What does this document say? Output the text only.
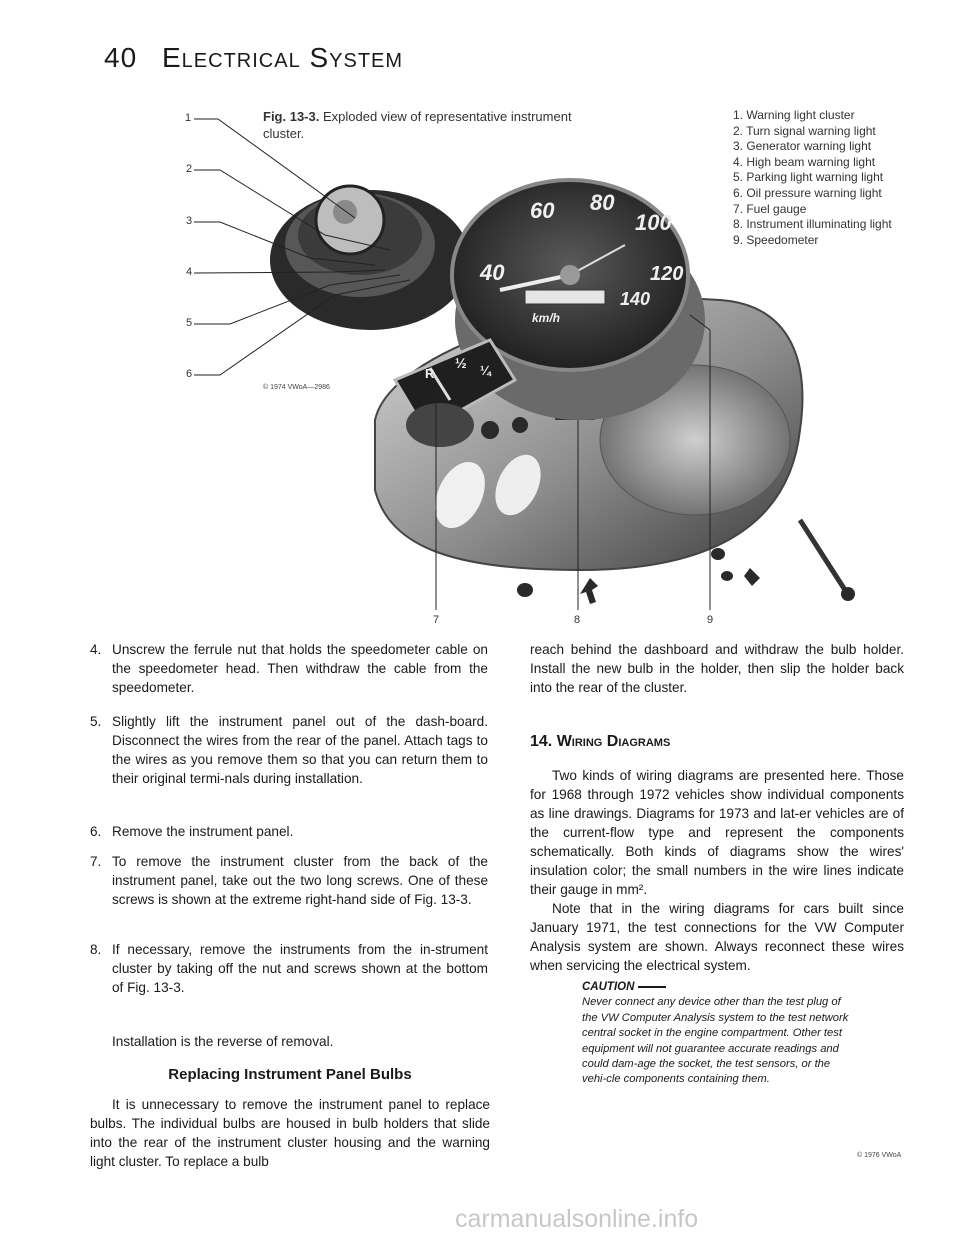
40 Electrical System
40
60 80
100
120
140
km/h
R
½ ¼
1
2
3
4
5
6
7	8	9
Fig. 13-3. Exploded view of representative instrument cluster.
© 1974 VWoA—2986
1. Warning light cluster
2. Turn signal warning light
3. Generator warning light
4. High beam warning light
5. Parking light warning light
6. Oil pressure warning light
7. Fuel gauge
8. Instrument illuminating light
9. Speedometer
4. Unscrew the ferrule nut that holds the speedometer cable on the speedometer head. Then withdraw the cable from the speedometer.
5. Slightly lift the instrument panel out of the dash-board. Disconnect the wires from the rear of the panel. Attach tags to the wires as you remove them so that you can return them to their original termi-nals during installation.
6. Remove the instrument panel.
7. To remove the instrument cluster from the back of the instrument panel, take out the two long screws. One of these screws is shown at the extreme right-hand side of Fig. 13-3.
8. If necessary, remove the instruments from the in-strument cluster by taking off the nut and screws shown at the bottom of Fig. 13-3.
Installation is the reverse of removal.
Replacing Instrument Panel Bulbs
It is unnecessary to remove the instrument panel to replace bulbs. The individual bulbs are housed in bulb holders that slide into the rear of the instrument cluster housing and the warning light cluster. To replace a bulb
reach behind the dashboard and withdraw the bulb holder. Install the new bulb in the holder, then slip the holder back into the rear of the cluster.
14. Wiring Diagrams
Two kinds of wiring diagrams are presented here. Those for 1968 through 1972 vehicles show individual components as line drawings. Diagrams for 1973 and lat-er vehicles are of the current-flow type and represent the components schematically. Both kinds of diagrams show the wires' insulation color; the small numbers in the wire lines indicate their gauge in mm².
Note that in the wiring diagrams for cars built since January 1971, the test connections for the VW Computer Analysis system are shown. Always reconnect these wires when servicing the electrical system.
CAUTION
Never connect any device other than the test plug of the VW Computer Analysis system to the test network central socket in the engine compartment. Other test equipment will not guarantee accurate readings and could dam-age the socket, the test sensors, or the vehi-cle components containing them.
© 1976 VWoA
carmanualsonline.info
